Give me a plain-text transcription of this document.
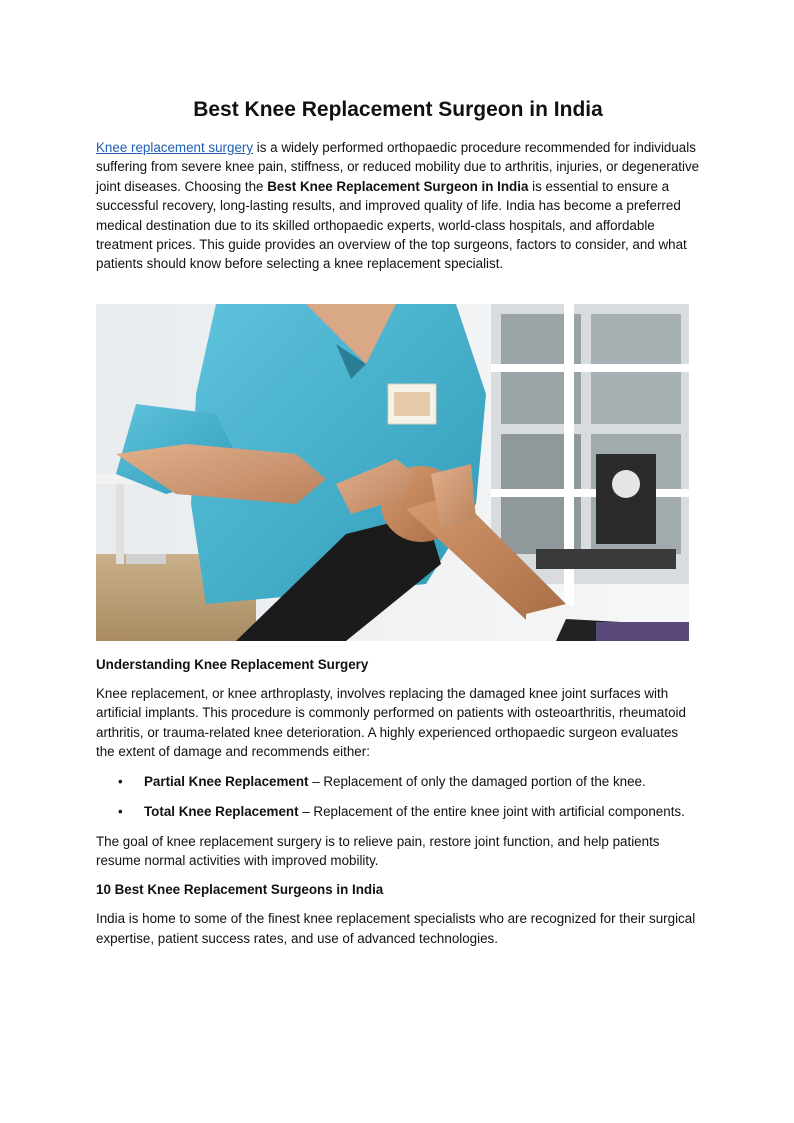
Best Knee Replacement Surgeon in India

Knee replacement surgery is a widely performed orthopaedic procedure recommended for individuals suffering from severe knee pain, stiffness, or reduced mobility due to arthritis, injuries, or degenerative joint diseases. Choosing the Best Knee Replacement Surgeon in India is essential to ensure a successful recovery, long-lasting results, and improved quality of life. India has become a preferred medical destination due to its skilled orthopaedic experts, world-class hospitals, and affordable treatment prices. This guide provides an overview of the top surgeons, factors to consider, and what patients should know before selecting a knee replacement specialist.

Understanding Knee Replacement Surgery

Knee replacement, or knee arthroplasty, involves replacing the damaged knee joint surfaces with artificial implants. This procedure is commonly performed on patients with osteoarthritis, rheumatoid arthritis, or trauma-related knee deterioration. A highly experienced orthopaedic surgeon evaluates the extent of damage and recommends either:

• Partial Knee Replacement – Replacement of only the damaged portion of the knee.
• Total Knee Replacement – Replacement of the entire knee joint with artificial components.

The goal of knee replacement surgery is to relieve pain, restore joint function, and help patients resume normal activities with improved mobility.

10 Best Knee Replacement Surgeons in India

India is home to some of the finest knee replacement specialists who are recognized for their surgical expertise, patient success rates, and use of advanced technologies.
